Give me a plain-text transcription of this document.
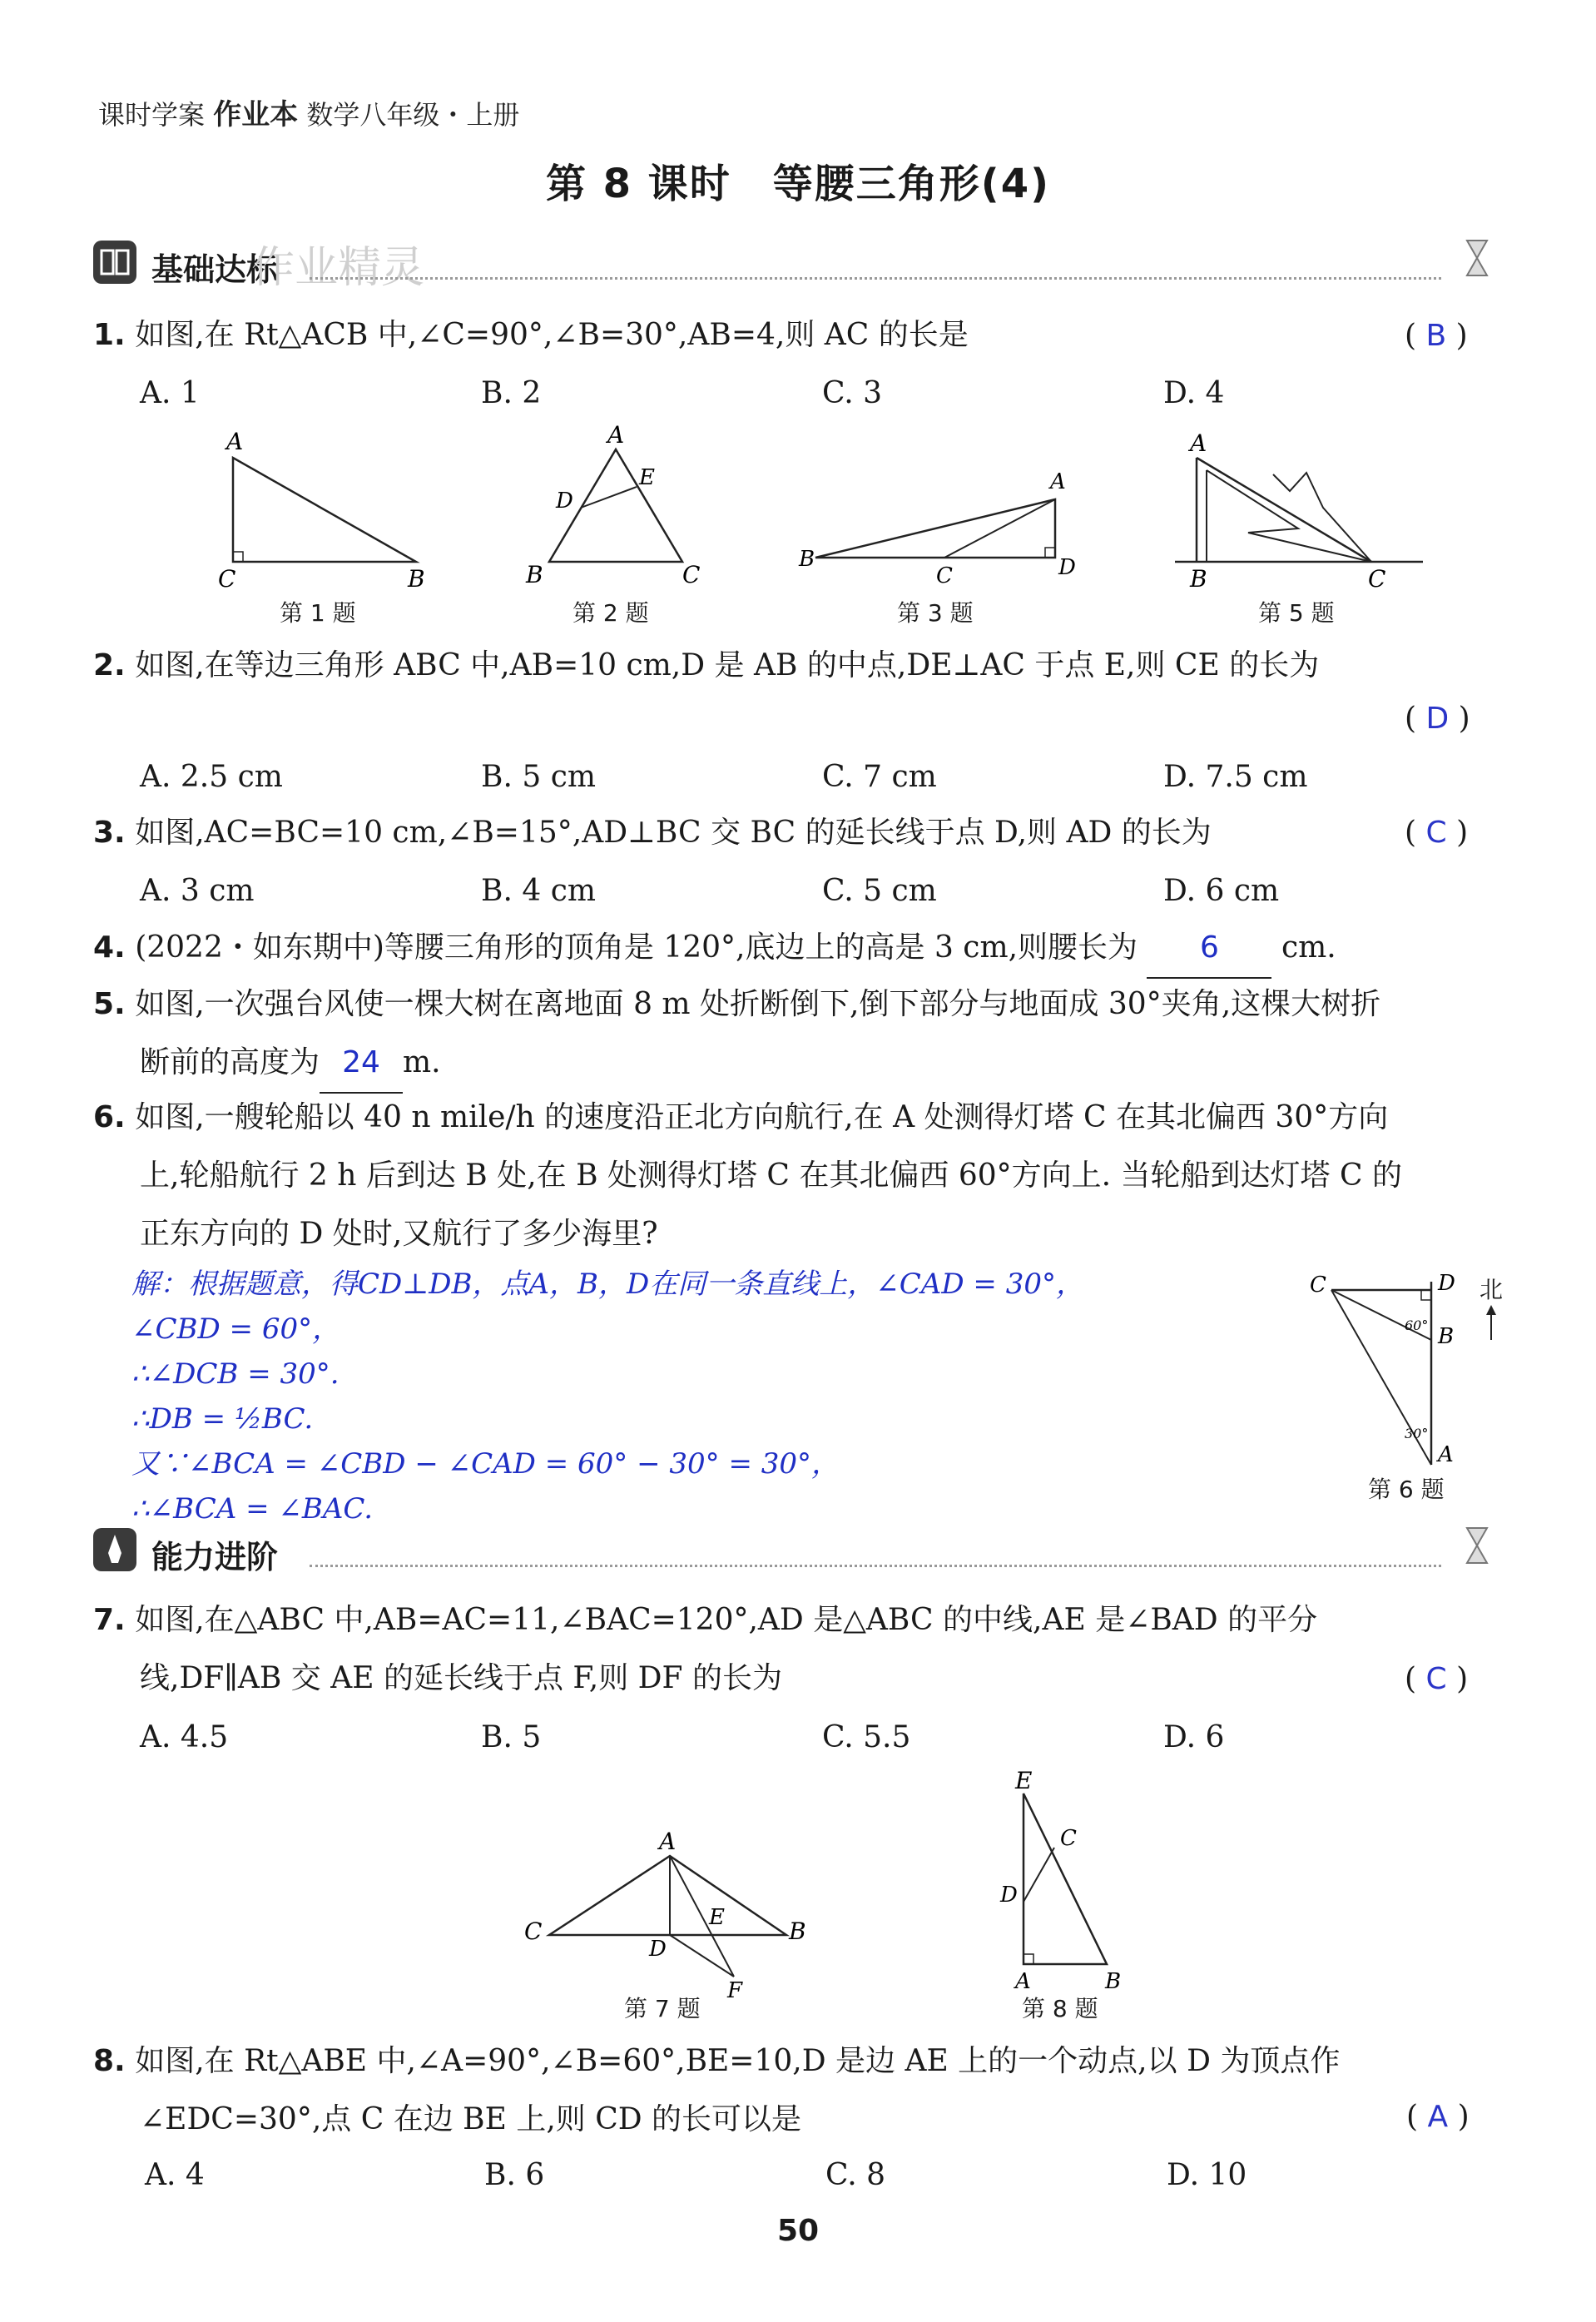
课时学案 作业本 数学八年级・上册
第 8 课时　等腰三角形(4)
基础达标
作业精灵
1. 如图,在 Rt△ACB 中,∠C=90°,∠B=30°,AB=4,则 AC 的长是	( B )
A. 1	B. 2	C. 3	D. 4
A
C	B
第 1 题
A
E
D
B	C
第 2 题
B
C
A
D
第 3 题
A
B	C
第 5 题
2. 如图,在等边三角形 ABC 中,AB=10 cm,D 是 AB 的中点,DE⊥AC 于点 E,则 CE 的长为
( D )
A. 2.5 cm	B. 5 cm	C. 7 cm	D. 7.5 cm
3. 如图,AC=BC=10 cm,∠B=15°,AD⊥BC 交 BC 的延长线于点 D,则 AD 的长为	( C )
A. 3 cm	B. 4 cm	C. 5 cm	D. 6 cm
4. (2022・如东期中)等腰三角形的顶角是 120°,底边上的高是 3 cm,则腰长为 6 cm.
5. 如图,一次强台风使一棵大树在离地面 8 m 处折断倒下,倒下部分与地面成 30°夹角,这棵大树折
断前的高度为 24 m.
6. 如图,一艘轮船以 40 n mile/h 的速度沿正北方向航行,在 A 处测得灯塔 C 在其北偏西 30°方向
上,轮船航行 2 h 后到达 B 处,在 B 处测得灯塔 C 在其北偏西 60°方向上. 当轮船到达灯塔 C 的
正东方向的 D 处时,又航行了多少海里?
解：根据题意，得CD⊥DB，点A，B，D在同一条直线上，∠CAD = 30°，
∠CBD = 60°，
∴∠DCB = 30°.
∴DB = ½BC.
又∵∠BCA = ∠CBD − ∠CAD = 60° − 30° = 30°，
∴∠BCA = ∠BAC.
C	D
B
A
60°
30°
北
第 6 题
能力进阶
7. 如图,在△ABC 中,AB=AC=11,∠BAC=120°,AD 是△ABC 的中线,AE 是∠BAD 的平分
线,DF∥AB 交 AE 的延长线于点 F,则 DF 的长为	( C )
A. 4.5	B. 5	C. 5.5	D. 6
A
C	B
D
E
F
第 7 题
E
C
D
A	B
第 8 题
8. 如图,在 Rt△ABE 中,∠A=90°,∠B=60°,BE=10,D 是边 AE 上的一个动点,以 D 为顶点作
∠EDC=30°,点 C 在边 BE 上,则 CD 的长可以是	( A )
A. 4	B. 6	C. 8	D. 10
50
